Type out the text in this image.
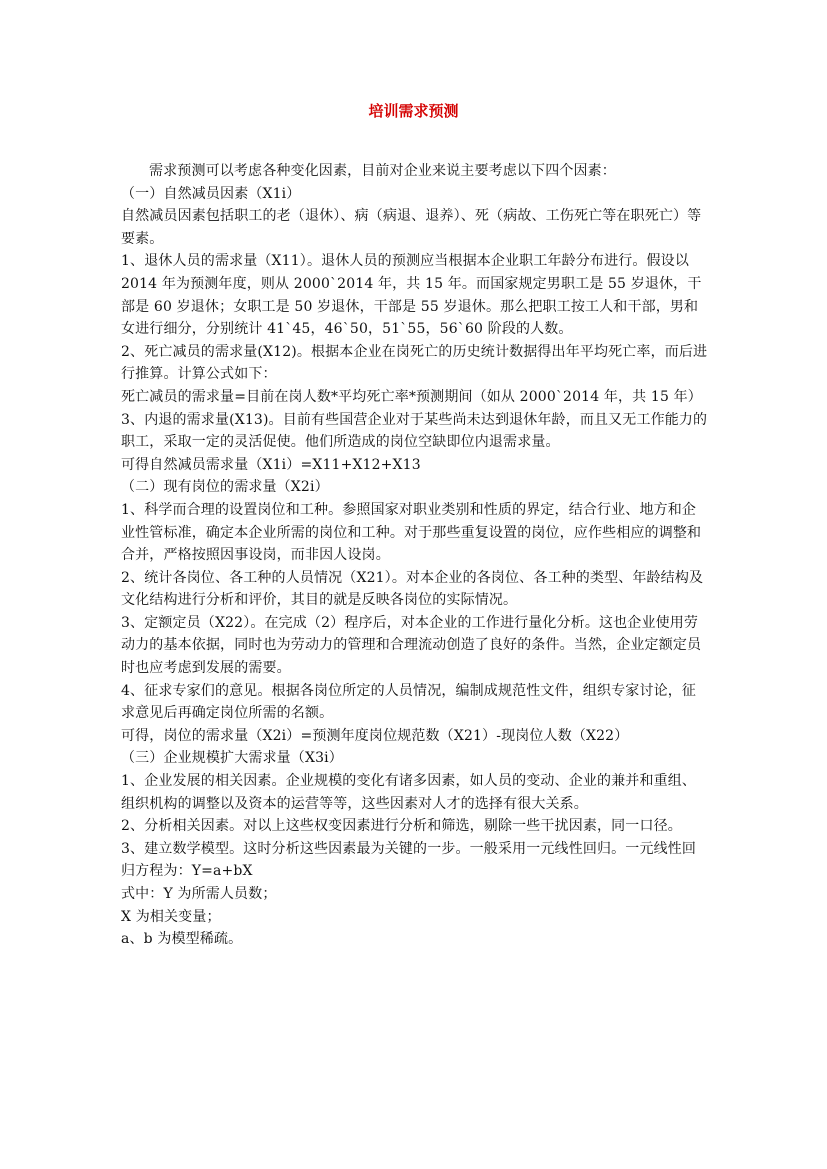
培训需求预测

需求预测可以考虑各种变化因素，目前对企业来说主要考虑以下四个因素：

（一）自然减员因素（X1i）

自然减员因素包括职工的老（退休）、病（病退、退养）、死（病故、工伤死亡等在职死亡）等要素。

1、退休人员的需求量（X11）。退休人员的预测应当根据本企业职工年龄分布进行。假设以 2014 年为预测年度，则从 2000`2014 年，共 15 年。而国家规定男职工是 55 岁退休，干部是 60 岁退休；女职工是 50 岁退休，干部是 55 岁退休。那么把职工按工人和干部，男和女进行细分，分别统计 41`45，46`50，51`55，56`60 阶段的人数。

2、死亡减员的需求量(X12)。根据本企业在岗死亡的历史统计数据得出年平均死亡率，而后进行推算。计算公式如下：

死亡减员的需求量=目前在岗人数*平均死亡率*预测期间（如从 2000`2014 年，共 15 年）

3、内退的需求量(X13)。目前有些国营企业对于某些尚未达到退休年龄，而且又无工作能力的职工，采取一定的灵活促使。他们所造成的岗位空缺即位内退需求量。

可得自然减员需求量（X1i）=X11+X12+X13

（二）现有岗位的需求量（X2i）

1、科学而合理的设置岗位和工种。参照国家对职业类别和性质的界定，结合行业、地方和企业性管标准，确定本企业所需的岗位和工种。对于那些重复设置的岗位，应作些相应的调整和合并，严格按照因事设岗，而非因人设岗。

2、统计各岗位、各工种的人员情况（X21）。对本企业的各岗位、各工种的类型、年龄结构及文化结构进行分析和评价，其目的就是反映各岗位的实际情况。

3、定额定员（X22）。在完成（2）程序后，对本企业的工作进行量化分析。这也企业使用劳动力的基本依据，同时也为劳动力的管理和合理流动创造了良好的条件。当然，企业定额定员时也应考虑到发展的需要。

4、征求专家们的意见。根据各岗位所定的人员情况，编制成规范性文件，组织专家讨论，征求意见后再确定岗位所需的名额。

可得，岗位的需求量（X2i）=预测年度岗位规范数（X21）-现岗位人数（X22）

（三）企业规模扩大需求量（X3i）

1、企业发展的相关因素。企业规模的变化有诸多因素，如人员的变动、企业的兼并和重组、组织机构的调整以及资本的运营等等，这些因素对人才的选择有很大关系。

2、分析相关因素。对以上这些权变因素进行分析和筛选，剔除一些干扰因素，同一口径。

3、建立数学模型。这时分析这些因素最为关键的一步。一般采用一元线性回归。一元线性回归方程为：Y=a+bX

式中：Y 为所需人员数；

X 为相关变量；

a、b 为模型稀疏。
